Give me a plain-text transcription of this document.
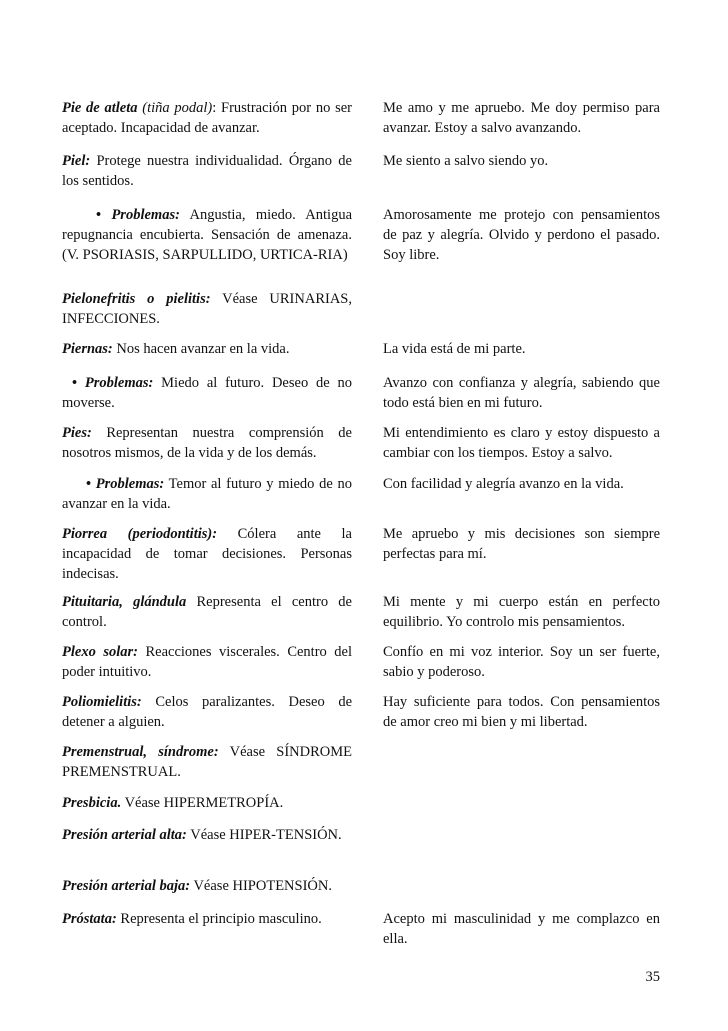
Pie de atleta (tiña podal): Frustración por no ser aceptado. Incapacidad de avanzar.
Me amo y me apruebo. Me doy permiso para avanzar. Estoy a salvo avanzando.
Piel: Protege nuestra individualidad. Órgano de los sentidos.
Me siento a salvo siendo yo.
• Problemas: Angustia, miedo. Antigua repugnancia encubierta. Sensación de amenaza. (V. PSORIASIS, SARPULLIDO, URTICA-RIA)
Amorosamente me protejo con pensamientos de paz y alegría. Olvido y perdono el pasado. Soy libre.
Pielonefritis o pielitis: Véase URINARIAS, INFECCIONES.
Piernas: Nos hacen avanzar en la vida.	La vida está de mi parte.
• Problemas: Miedo al futuro. Deseo de no moverse.
Avanzo con confianza y alegría, sabiendo que todo está bien en mi futuro.
Pies: Representan nuestra comprensión de nosotros mismos, de la vida y de los demás.
Mi entendimiento es claro y estoy dispuesto a cambiar con los tiempos. Estoy a salvo.
• Problemas: Temor al futuro y miedo de no avanzar en la vida.
Con facilidad y alegría avanzo en la vida.
Piorrea (periodontitis): Cólera ante la incapacidad de tomar decisiones. Personas indecisas.
Me apruebo y mis decisiones son siempre perfectas para mí.
Pituitaria, glándula Representa el centro de control.
Mi mente y mi cuerpo están en perfecto equilibrio. Yo controlo mis pensamientos.
Plexo solar: Reacciones viscerales. Centro del poder intuitivo.
Confío en mi voz interior. Soy un ser fuerte, sabio y poderoso.
Poliomielitis: Celos paralizantes. Deseo de detener a alguien.
Hay suficiente para todos. Con pensamientos de amor creo mi bien y mi libertad.
Premenstrual, síndrome: Véase SÍNDROME PREMENSTRUAL.
Presbicia. Véase HIPERMETROPÍA.
Presión arterial alta: Véase HIPER-TENSIÓN.
Presión arterial baja: Véase HIPOTENSIÓN.
Próstata: Representa el principio masculino.	Acepto mi masculinidad y me complazco en ella.
35
